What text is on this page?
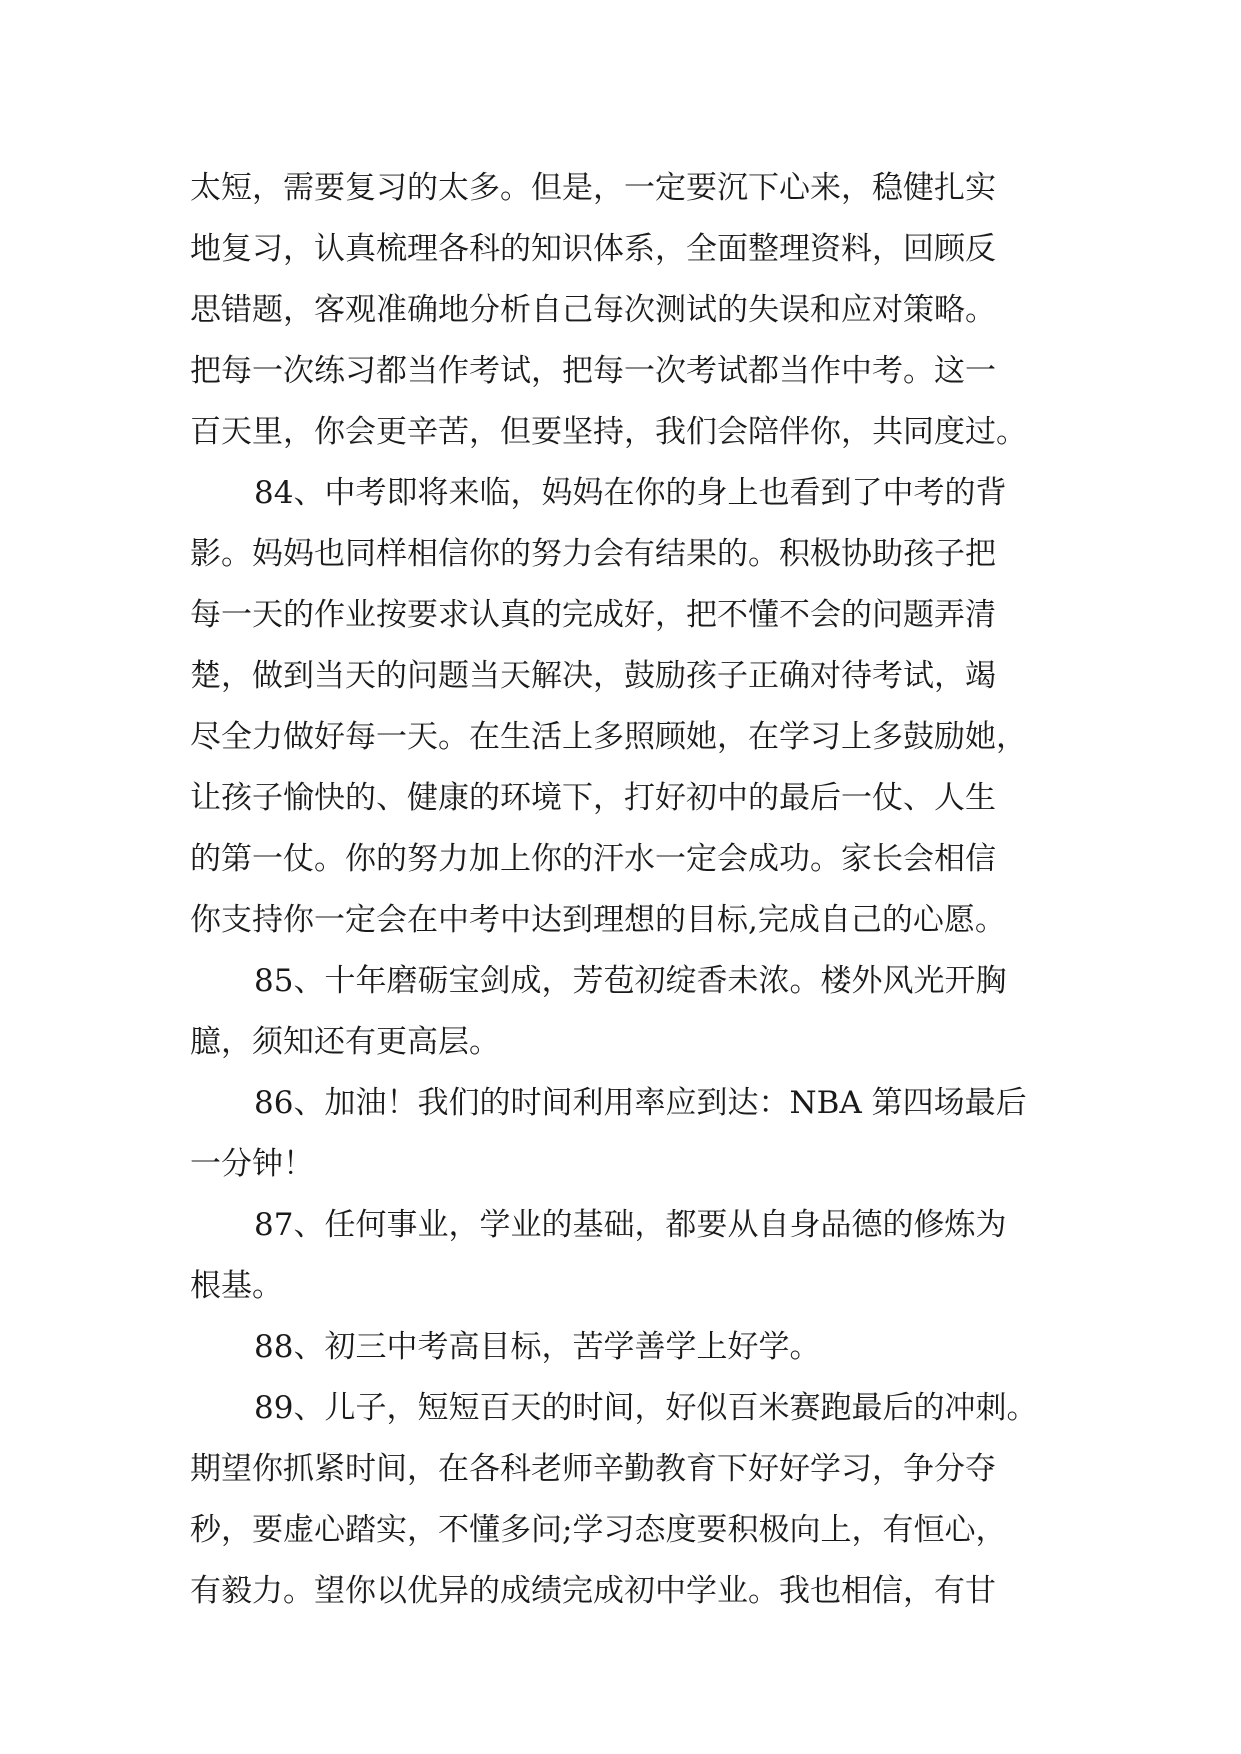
太短，需要复习的太多。但是，一定要沉下心来，稳健扎实
地复习，认真梳理各科的知识体系，全面整理资料，回顾反
思错题，客观准确地分析自己每次测试的失误和应对策略。
把每一次练习都当作考试，把每一次考试都当作中考。这一
百天里，你会更辛苦，但要坚持，我们会陪伴你，共同度过。
84、中考即将来临，妈妈在你的身上也看到了中考的背
影。妈妈也同样相信你的努力会有结果的。积极协助孩子把
每一天的作业按要求认真的完成好，把不懂不会的问题弄清
楚，做到当天的问题当天解决，鼓励孩子正确对待考试，竭
尽全力做好每一天。在生活上多照顾她，在学习上多鼓励她，
让孩子愉快的、健康的环境下，打好初中的最后一仗、人生
的第一仗。你的努力加上你的汗水一定会成功。家长会相信
你支持你一定会在中考中达到理想的目标,完成自己的心愿。
85、十年磨砺宝剑成，芳苞初绽香未浓。楼外风光开胸
臆，须知还有更高层。
86、加油！我们的时间利用率应到达：NBA 第四场最后
一分钟！
87、任何事业，学业的基础，都要从自身品德的修炼为
根基。
88、初三中考高目标，苦学善学上好学。
89、儿子，短短百天的时间，好似百米赛跑最后的冲刺。
期望你抓紧时间，在各科老师辛勤教育下好好学习，争分夺
秒，要虚心踏实，不懂多问;学习态度要积极向上，有恒心，
有毅力。望你以优异的成绩完成初中学业。我也相信，有甘
